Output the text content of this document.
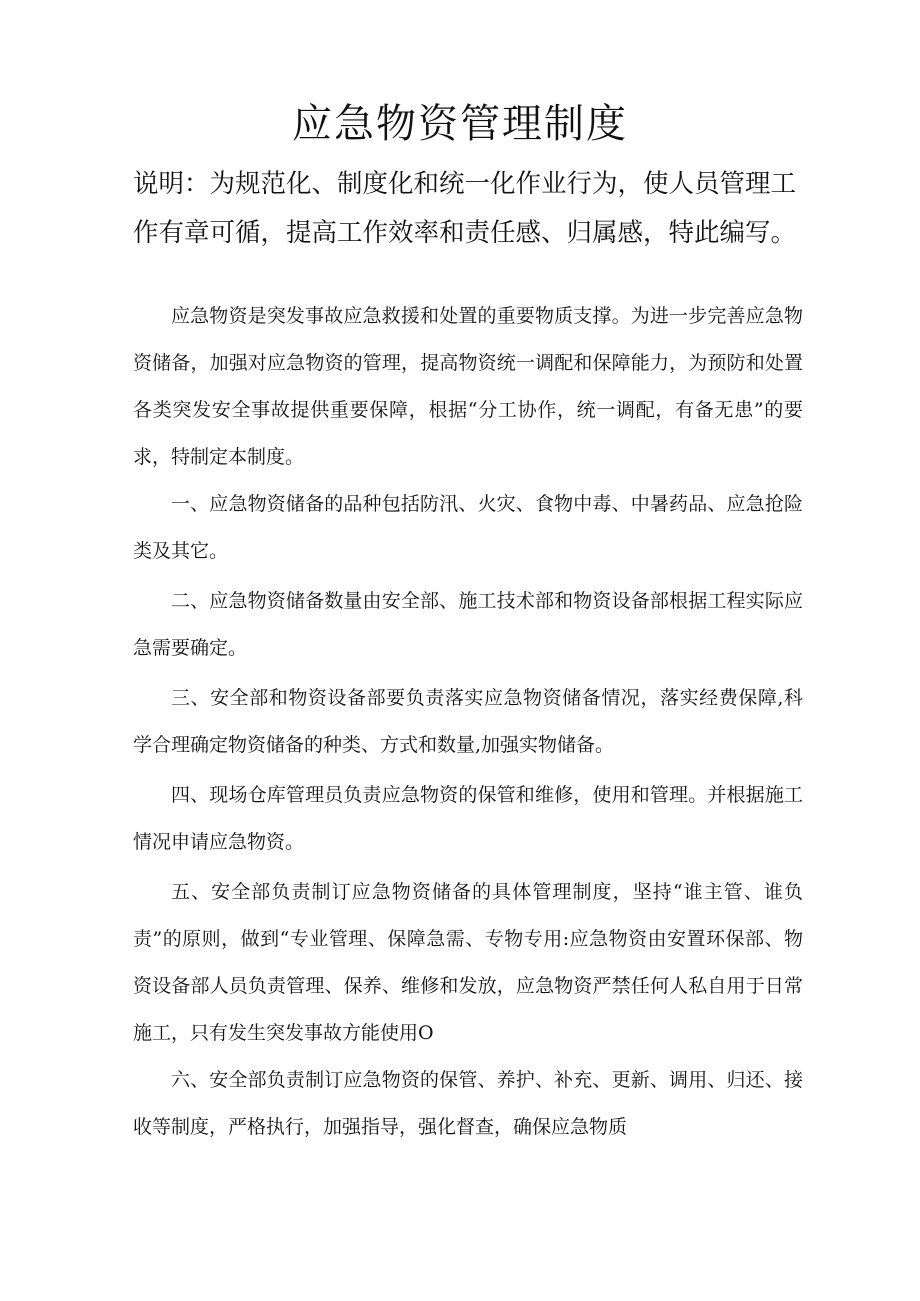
应急物资管理制度

说明：为规范化、制度化和统一化作业行为，使人员管理工作有章可循，提高工作效率和责任感、归属感，特此编写。

应急物资是突发事故应急救援和处置的重要物质支撑。为进一步完善应急物资储备，加强对应急物资的管理，提高物资统一调配和保障能力，为预防和处置各类突发安全事故提供重要保障，根据“分工协作，统一调配，有备无患”的要求，特制定本制度。

一、应急物资储备的品种包括防汛、火灾、食物中毒、中暑药品、应急抢险类及其它。

二、应急物资储备数量由安全部、施工技术部和物资设备部根据工程实际应急需要确定。

三、安全部和物资设备部要负责落实应急物资储备情况，落实经费保障,科学合理确定物资储备的种类、方式和数量,加强实物储备。

四、现场仓库管理员负责应急物资的保管和维修，使用和管理。并根据施工情况申请应急物资。

五、安全部负责制订应急物资储备的具体管理制度，坚持“谁主管、谁负责”的原则，做到“专业管理、保障急需、专物专用:应急物资由安置环保部、物资设备部人员负责管理、保养、维修和发放，应急物资严禁任何人私自用于日常施工，只有发生突发事故方能使用O

六、安全部负责制订应急物资的保管、养护、补充、更新、调用、归还、接收等制度，严格执行，加强指导，强化督查，确保应急物质
